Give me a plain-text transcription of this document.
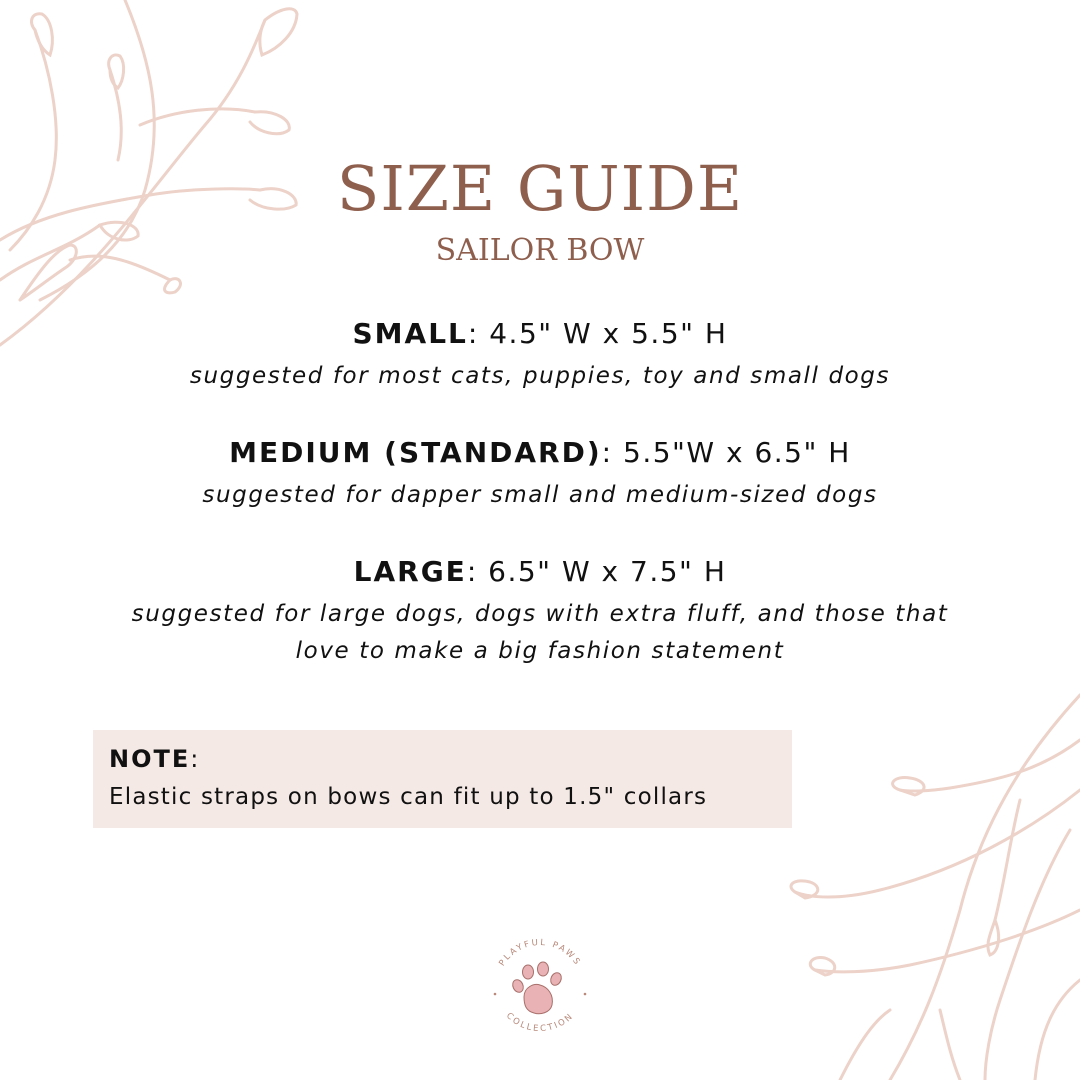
SIZE GUIDE
SAILOR BOW
SMALL: 4.5" W x 5.5" H
suggested for most cats, puppies, toy and small dogs
MEDIUM (STANDARD): 5.5"W x 6.5" H
suggested for dapper small and medium-sized dogs
LARGE: 6.5" W x 7.5" H
suggested for large dogs, dogs with extra fluff, and those that love to make a big fashion statement
NOTE:
Elastic straps on bows can fit up to 1.5" collars
PLAYFUL PAWS
COLLECTION
